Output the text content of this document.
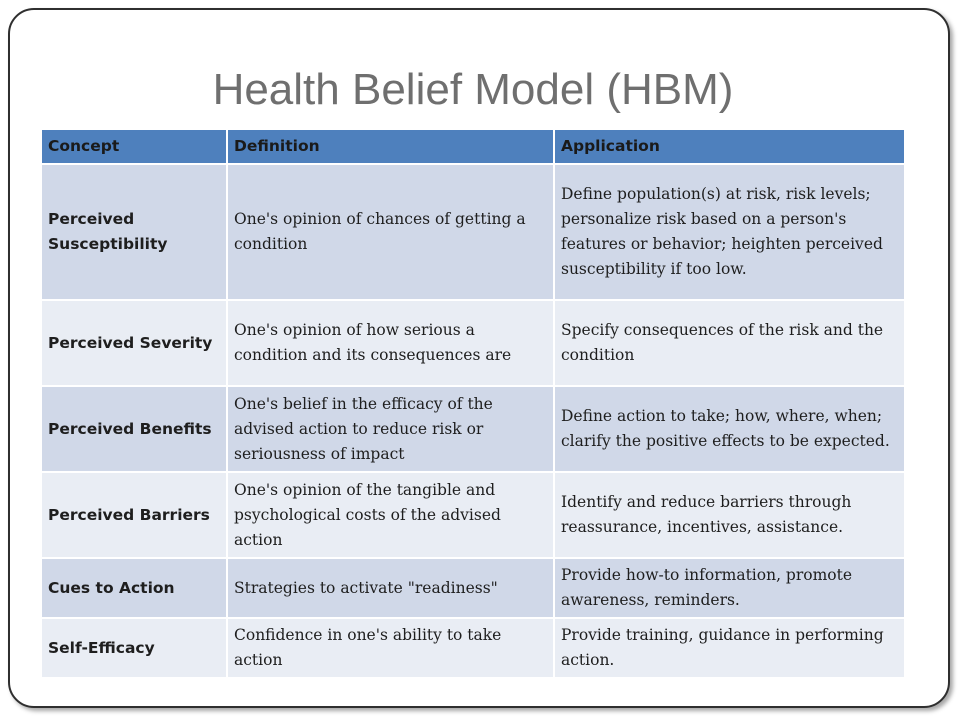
Health Belief Model (HBM)
Concept	Definition	Application
Perceived Susceptibility	One's opinion of chances of getting a condition	Define population(s) at risk, risk levels; personalize risk based on a person's features or behavior; heighten perceived susceptibility if too low.
Perceived Severity	One's opinion of how serious a condition and its consequences are	Specify consequences of the risk and the condition
Perceived Benefits	One's belief in the efficacy of the advised action to reduce risk or seriousness of impact	Define action to take; how, where, when; clarify the positive effects to be expected.
Perceived Barriers	One's opinion of the tangible and psychological costs of the advised action	Identify and reduce barriers through reassurance, incentives, assistance.
Cues to Action	Strategies to activate "readiness"	Provide how-to information, promote awareness, reminders.
Self-Efficacy	Confidence in one's ability to take action	Provide training, guidance in performing action.
